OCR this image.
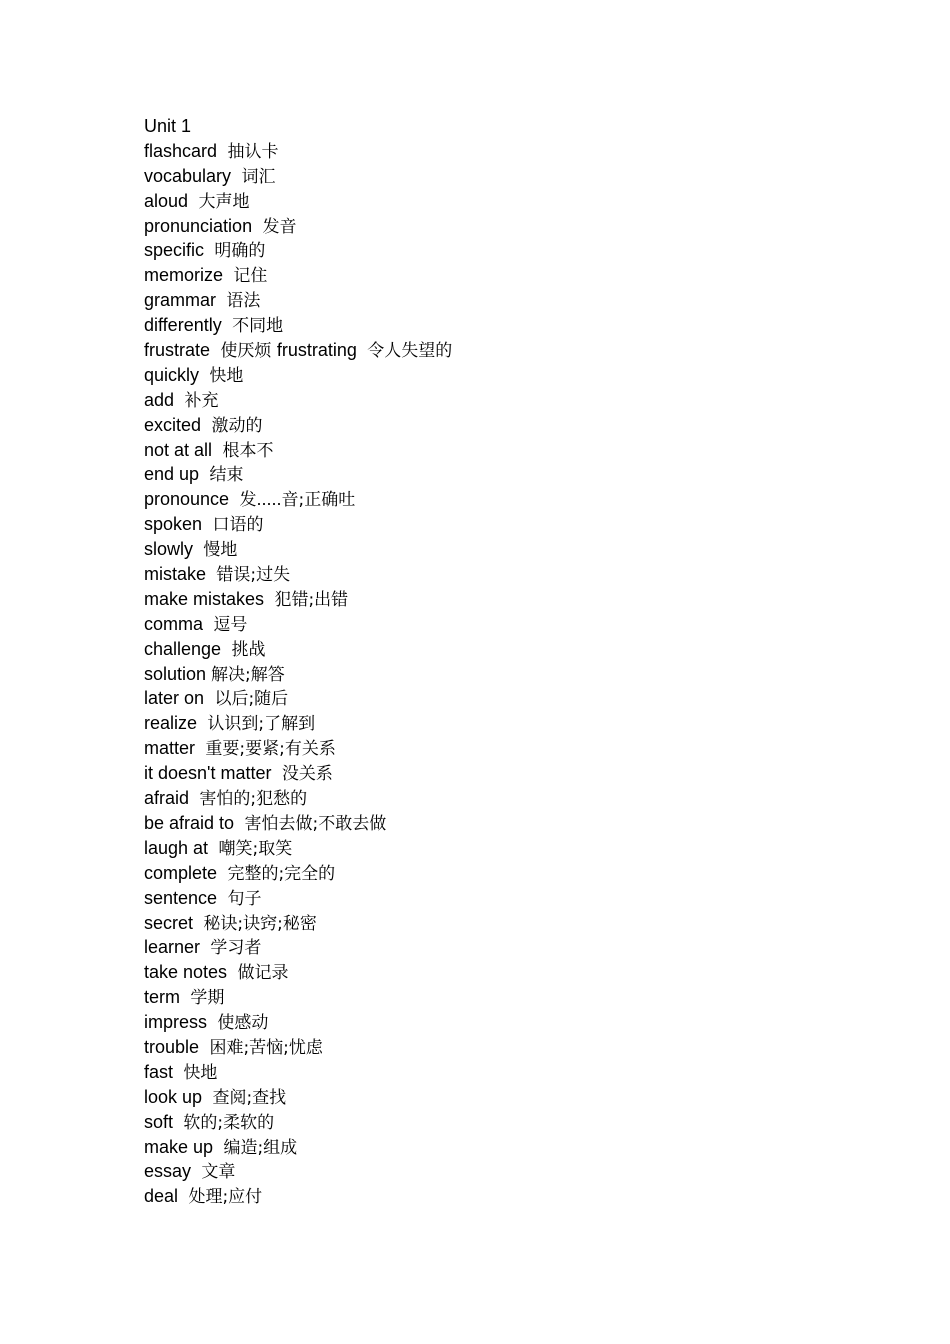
Unit 1
flashcard  抽认卡
vocabulary  词汇
aloud  大声地
pronunciation  发音
specific  明确的
memorize  记住
grammar  语法
differently  不同地
frustrate  使厌烦 frustrating  令人失望的
quickly  快地
add  补充
excited  激动的
not at all  根本不
end up  结束
pronounce  发.....音;正确吐
spoken  口语的
slowly  慢地
mistake  错误;过失
make mistakes  犯错;出错
comma  逗号
challenge  挑战
solution 解决;解答
later on  以后;随后
realize  认识到;了解到
matter  重要;要紧;有关系
it doesn't matter  没关系
afraid  害怕的;犯愁的
be afraid to  害怕去做;不敢去做
laugh at  嘲笑;取笑
complete  完整的;完全的
sentence  句子
secret  秘诀;诀窍;秘密
learner  学习者
take notes  做记录
term  学期
impress  使感动
trouble  困难;苦恼;忧虑
fast  快地
look up  查阅;查找
soft  软的;柔软的
make up  编造;组成
essay  文章
deal  处理;应付
